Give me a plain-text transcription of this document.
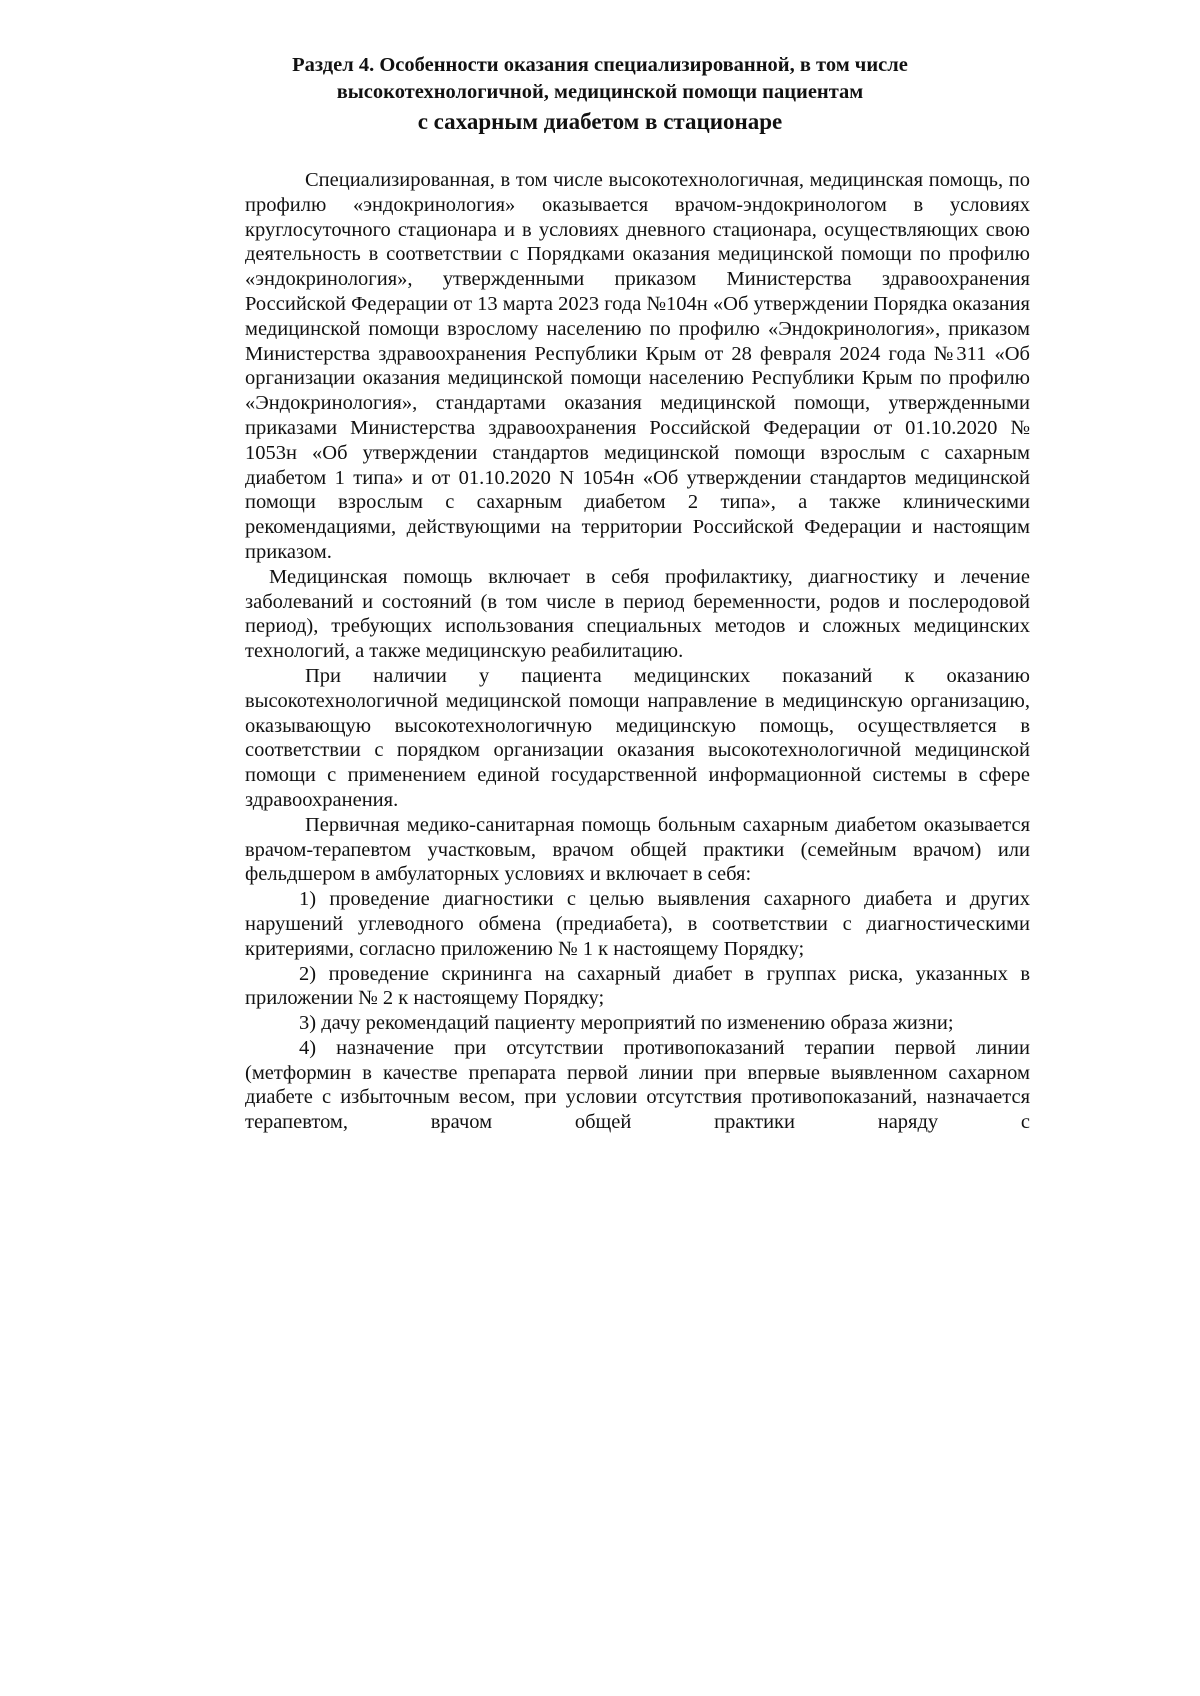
Раздел 4. Особенности оказания специализированной, в том числе
высокотехнологичной, медицинской помощи пациентам
с сахарным диабетом в стационаре

Специализированная, в том числе высокотехнологичная, медицинская помощь, по профилю «эндокринология» оказывается врачом-эндокринологом в условиях круглосуточного стационара и в условиях дневного стационара, осуществляющих свою деятельность в соответствии с Порядками оказания медицинской помощи по профилю «эндокринология», утвержденными приказом Министерства здравоохранения Российской Федерации от 13 марта 2023 года №104н «Об утверждении Порядка оказания медицинской помощи взрослому населению по профилю «Эндокринология», приказом Министерства здравоохранения Республики Крым от 28 февраля 2024 года №311 «Об организации оказания медицинской помощи населению Республики Крым по профилю «Эндокринология», стандартами оказания медицинской помощи, утвержденными приказами Министерства здравоохранения Российской Федерации от 01.10.2020 № 1053н «Об утверждении стандартов медицинской помощи взрослым с сахарным диабетом 1 типа» и от 01.10.2020 N 1054н «Об утверждении стандартов медицинской помощи взрослым с сахарным диабетом 2 типа», а также клиническими рекомендациями, действующими на территории Российской Федерации и настоящим приказом.

Медицинская помощь включает в себя профилактику, диагностику и лечение заболеваний и состояний (в том числе в период беременности, родов и послеродовой период), требующих использования специальных методов и сложных медицинских технологий, а также медицинскую реабилитацию.

При наличии у пациента медицинских показаний к оказанию высокотехнологичной медицинской помощи направление в медицинскую организацию, оказывающую высокотехнологичную медицинскую помощь, осуществляется в соответствии с порядком организации оказания высокотехнологичной медицинской помощи с применением единой государственной информационной системы в сфере здравоохранения.

Первичная медико-санитарная помощь больным сахарным диабетом оказывается врачом-терапевтом участковым, врачом общей практики (семейным врачом) или фельдшером в амбулаторных условиях и включает в себя:

1) проведение диагностики с целью выявления сахарного диабета и других нарушений углеводного обмена (предиабета), в соответствии с диагностическими критериями, согласно приложению № 1 к настоящему Порядку;

2) проведение скрининга на сахарный диабет в группах риска, указанных в приложении № 2 к настоящему Порядку;

3) дачу рекомендаций пациенту мероприятий по изменению образа жизни;

4) назначение при отсутствии противопоказаний терапии первой линии (метформин в качестве препарата первой линии при впервые выявленном сахарном диабете с избыточным весом, при условии отсутствия противопоказаний, назначается терапевтом, врачом общей практики наряду с
